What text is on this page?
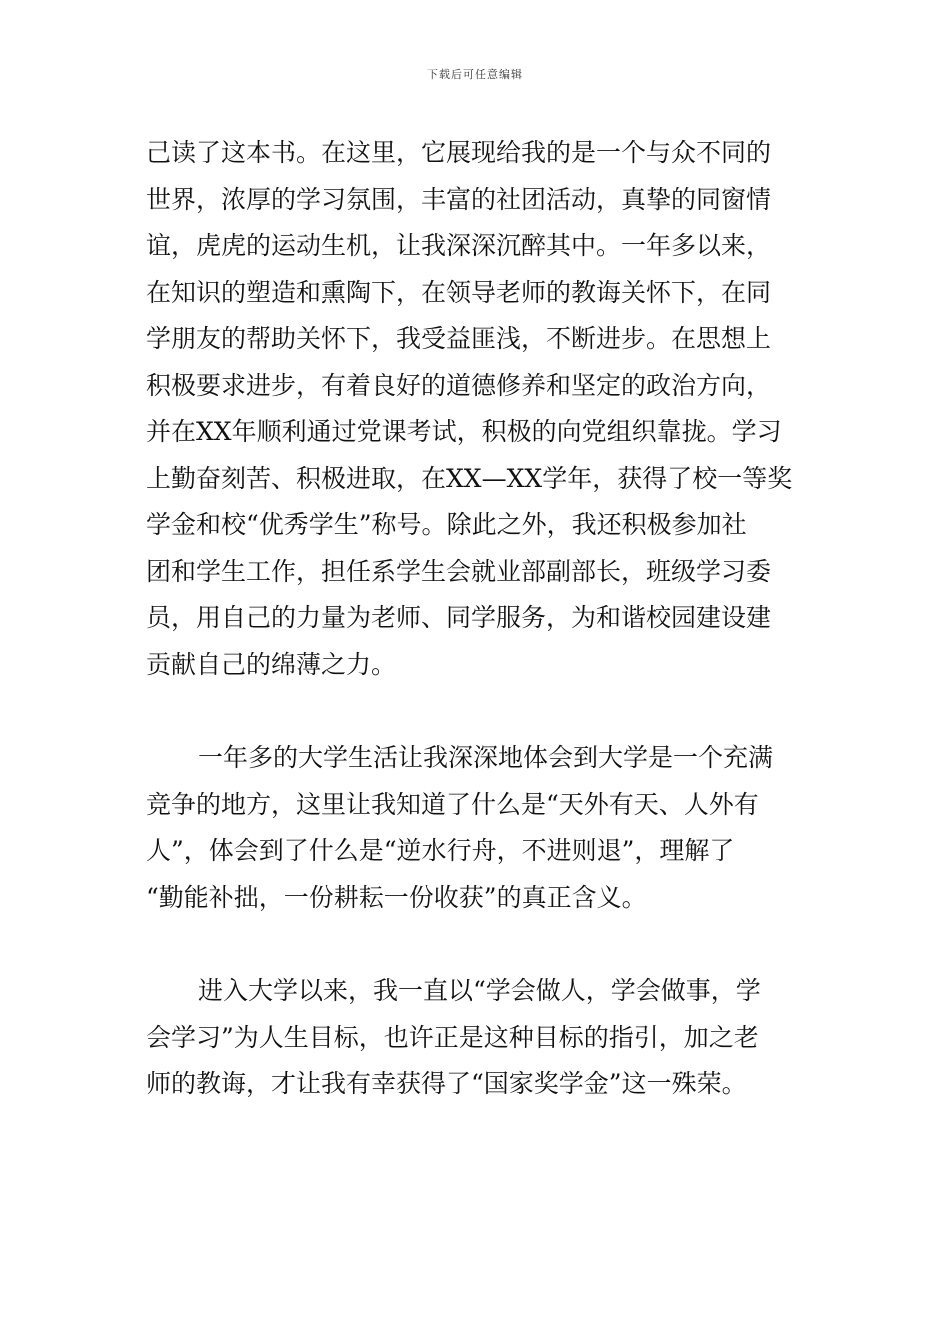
下载后可任意编辑
己读了这本书。在这里，它展现给我的是一个与众不同的
世界，浓厚的学习氛围，丰富的社团活动，真挚的同窗情
谊，虎虎的运动生机，让我深深沉醉其中。一年多以来，
在知识的塑造和熏陶下，在领导老师的教诲关怀下，在同
学朋友的帮助关怀下，我受益匪浅，不断进步。在思想上
积极要求进步，有着良好的道德修养和坚定的政治方向，
并在XX年顺利通过党课考试，积极的向党组织靠拢。学习
上勤奋刻苦、积极进取，在XX—XX学年，获得了校一等奖
学金和校“优秀学生”称号。除此之外，我还积极参加社
团和学生工作，担任系学生会就业部副部长，班级学习委
员，用自己的力量为老师、同学服务，为和谐校园建设建
贡献自己的绵薄之力。
一年多的大学生活让我深深地体会到大学是一个充满
竞争的地方，这里让我知道了什么是“天外有天、人外有
人”，体会到了什么是“逆水行舟，不进则退”，理解了
“勤能补拙，一份耕耘一份收获”的真正含义。
进入大学以来，我一直以“学会做人，学会做事，学
会学习”为人生目标，也许正是这种目标的指引，加之老
师的教诲，才让我有幸获得了“国家奖学金”这一殊荣。
